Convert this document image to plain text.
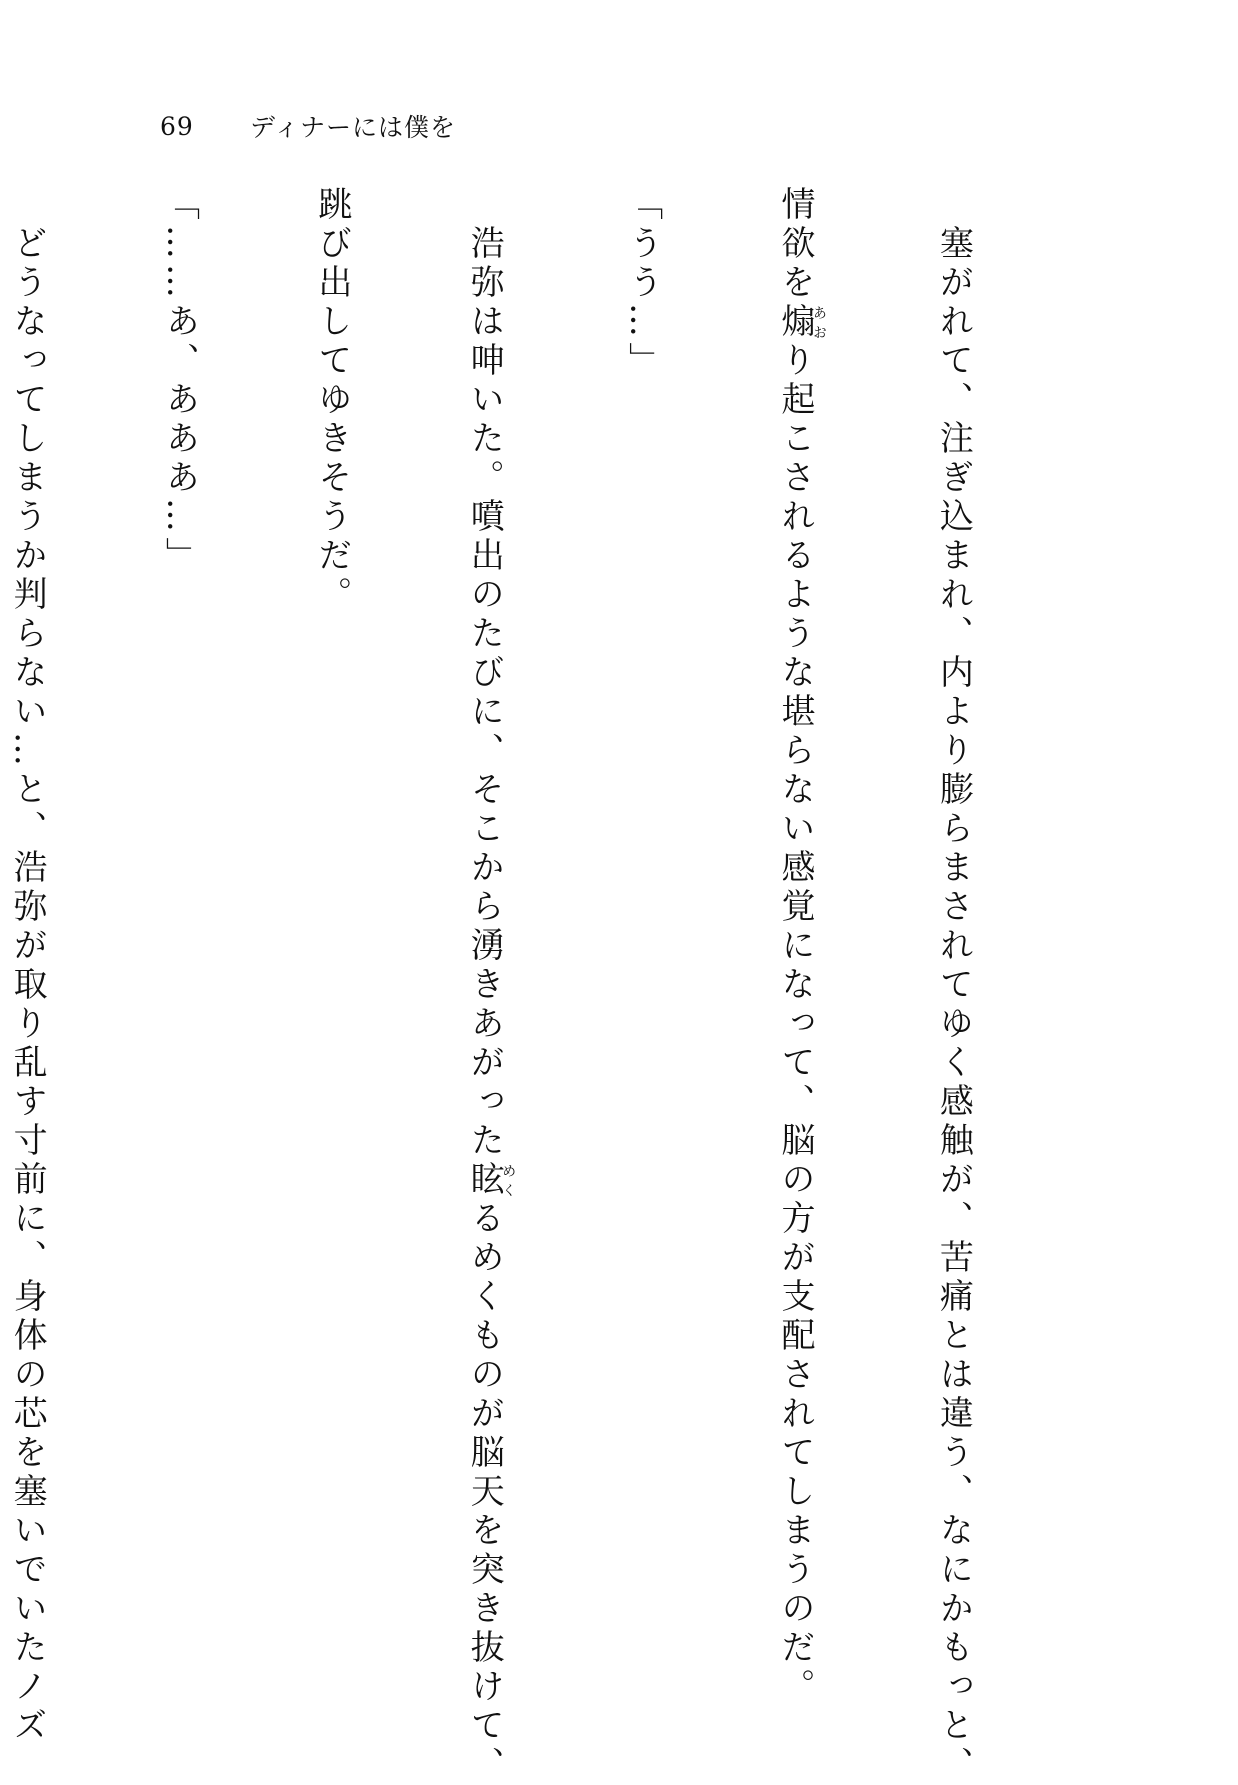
69	ディナーには僕を

　塞がれて、注ぎ込まれ、内より膨らまされてゆく感触が、苦痛とは違う、なにかもっと、

情欲を煽あおり起こされるような堪らない感覚になって、脳の方が支配されてしまうのだ。

「うう…」

　浩弥は呻いた。噴出のたびに、そこから湧きあがった眩めくるめくものが脳天を突き抜けて、

跳び出してゆきそうだ。

「……あ、あああ…」

　どうなってしまうか判らない…と、浩弥が取り乱す寸前に、身体の芯を塞いでいたノズ
